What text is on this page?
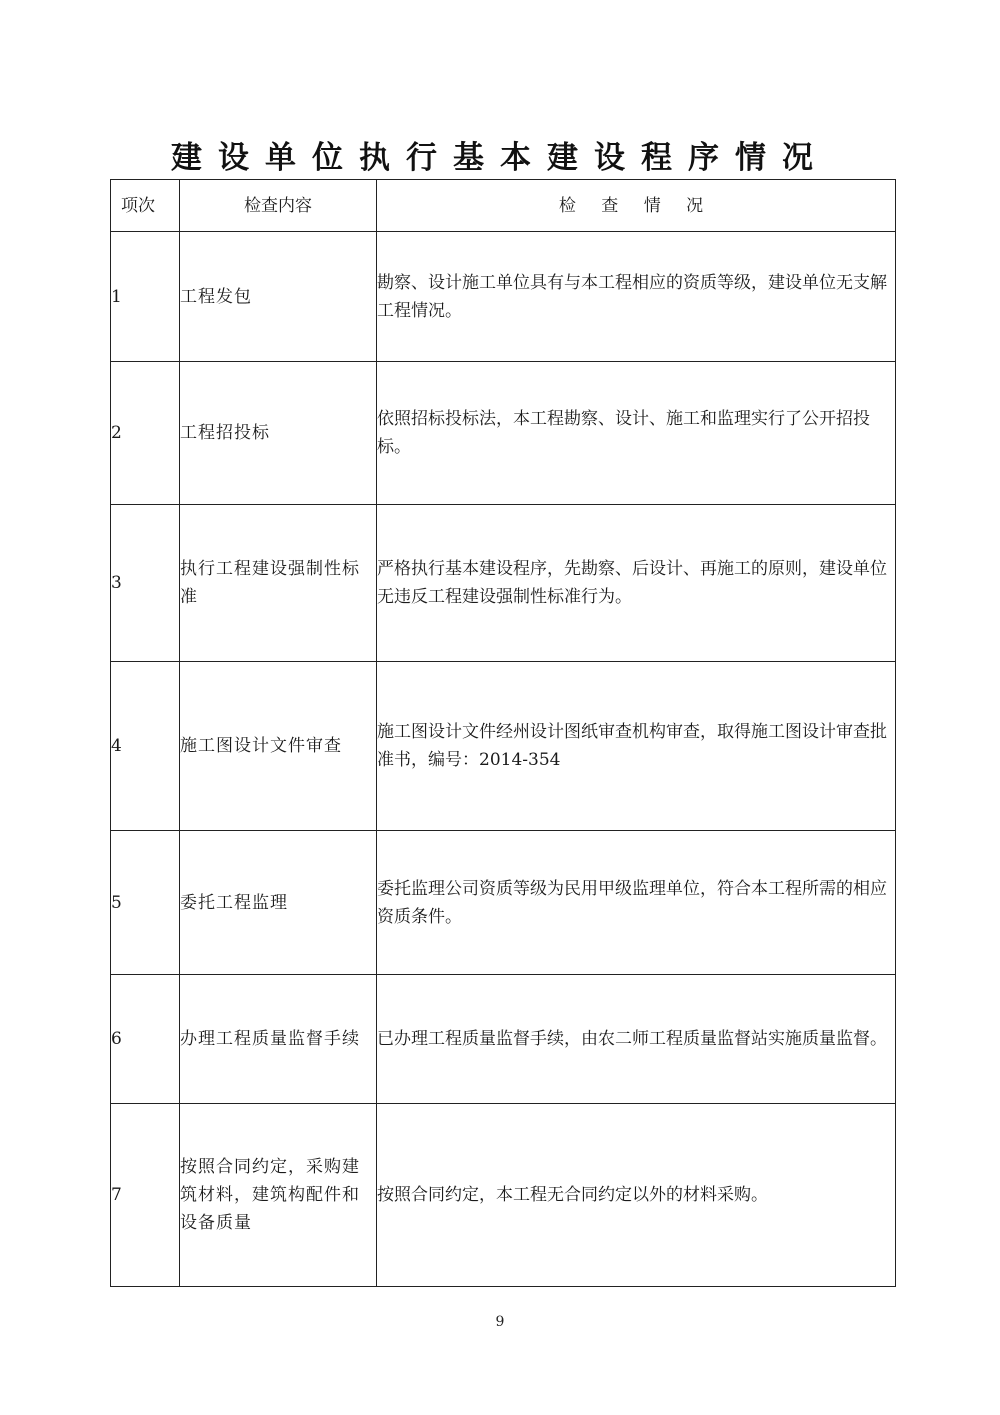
建设单位执行基本建设程序情况
项次	检查内容	检 查 情 况
1	工程发包	勘察、设计施工单位具有与本工程相应的资质等级，建设单位无支解工程情况。
2	工程招投标	依照招标投标法，本工程勘察、设计、施工和监理实行了公开招投标。
3	执行工程建设强制性标准	严格执行基本建设程序，先勘察、后设计、再施工的原则，建设单位无违反工程建设强制性标准行为。
4	施工图设计文件审查	施工图设计文件经州设计图纸审查机构审查，取得施工图设计审查批准书，编号：2014-354
5	委托工程监理	委托监理公司资质等级为民用甲级监理单位，符合本工程所需的相应资质条件。
6	办理工程质量监督手续	已办理工程质量监督手续，由农二师工程质量监督站实施质量监督。
7	按照合同约定，采购建筑材料，建筑构配件和设备质量	按照合同约定，本工程无合同约定以外的材料采购。
9
